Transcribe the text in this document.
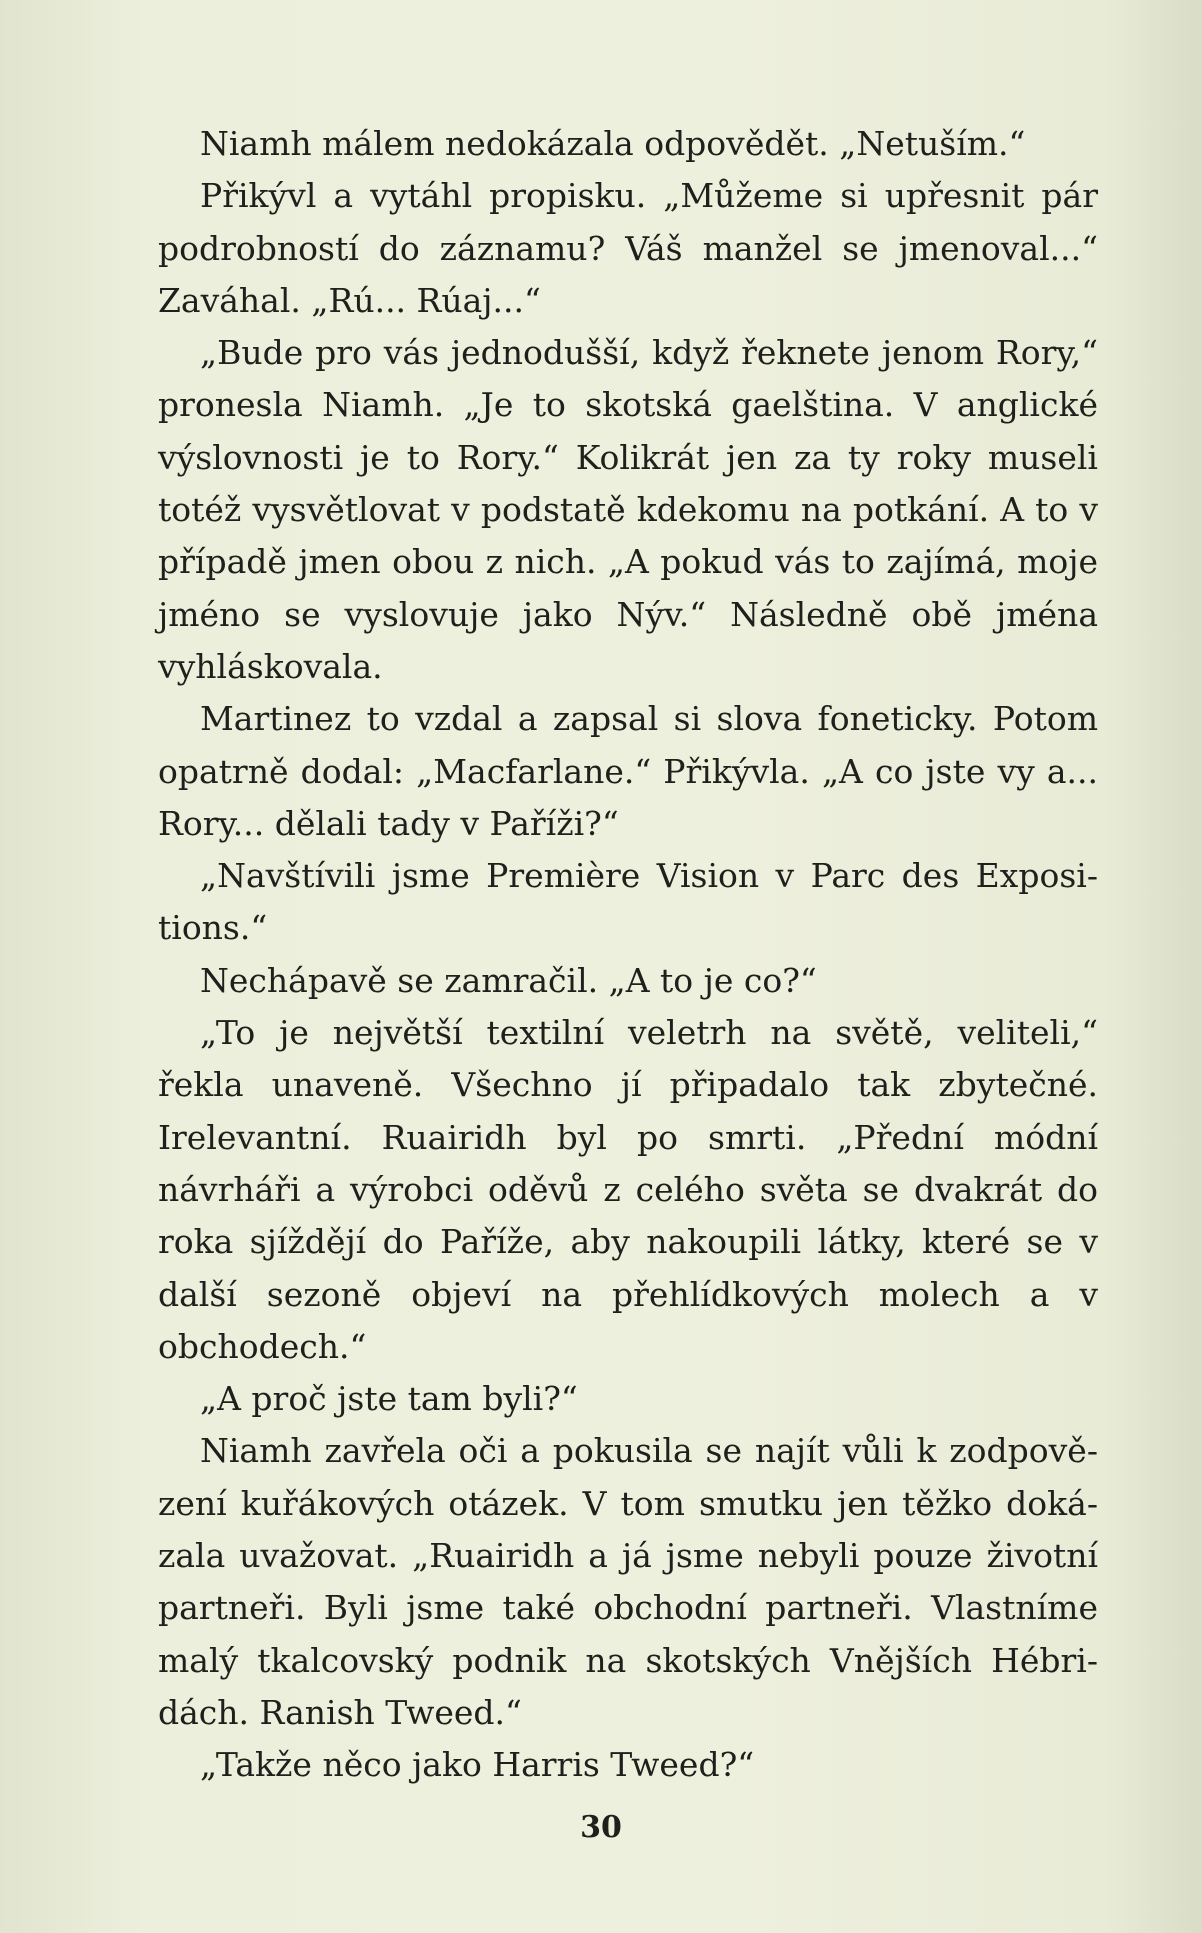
Niamh málem nedokázala odpovědět. „Netuším.“

Přikývl a vytáhl propisku. „Můžeme si upřesnit pár podrobností do záznamu? Váš manžel se jmenoval...“ Zaváhal. „Rú... Rúaj...“

„Bude pro vás jednodušší, když řeknete jenom Rory,“ pronesla Niamh. „Je to skotská gaelština. V anglické výslovnosti je to Rory.“ Kolikrát jen za ty roky museli totéž vysvětlovat v podstatě kdekomu na potkání. A to v případě jmen obou z nich. „A pokud vás to zajímá, moje jméno se vyslovuje jako Nýv.“ Následně obě jména vyhláskovala.

Martinez to vzdal a zapsal si slova foneticky. Potom opatrně dodal: „Macfarlane.“ Přikývla. „A co jste vy a... Rory... dělali tady v Paříži?“

„Navštívili jsme Première Vision v Parc des Expositions.“

Nechápavě se zamračil. „A to je co?“

„To je největší textilní veletrh na světě, veliteli,“ řekla unaveně. Všechno jí připadalo tak zbytečné. Irelevantní. Ruairidh byl po smrti. „Přední módní návrháři a výrobci oděvů z celého světa se dvakrát do roka sjíždějí do Paříže, aby nakoupili látky, které se v další sezoně objeví na přehlídkových molech a v obchodech.“

„A proč jste tam byli?“

Niamh zavřela oči a pokusila se najít vůli k zodpovězení kuřákových otázek. V tom smutku jen těžko dokázala uvažovat. „Ruairidh a já jsme nebyli pouze životní partneři. Byli jsme také obchodní partneři. Vlastníme malý tkalcovský podnik na skotských Vnějších Hébridách. Ranish Tweed.“

„Takže něco jako Harris Tweed?“

30
